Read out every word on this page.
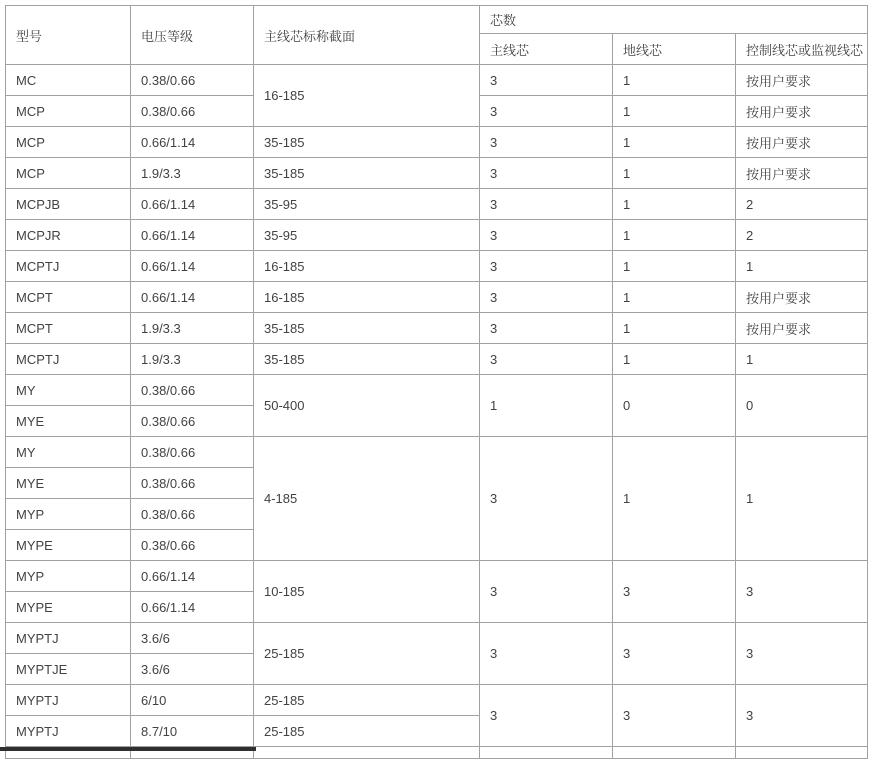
型号	电压等级	主线芯标称截面	芯数		
			主线芯	地线芯	控制线芯或监视线芯
MC	0.38/0.66	16-185	3	1	按用户要求
MCP	0.38/0.66		3	1	按用户要求
MCP	0.66/1.14	35-185	3	1	按用户要求
MCP	1.9/3.3	35-185	3	1	按用户要求
MCPJB	0.66/1.14	35-95	3	1	2
MCPJR	0.66/1.14	35-95	3	1	2
MCPTJ	0.66/1.14	16-185	3	1	1
MCPT	0.66/1.14	16-185	3	1	按用户要求
MCPT	1.9/3.3	35-185	3	1	按用户要求
MCPTJ	1.9/3.3	35-185	3	1	1
MY	0.38/0.66	50-400	1	0	0
MYE	0.38/0.66				
MY	0.38/0.66	4-185	3	1	1
MYE	0.38/0.66				
MYP	0.38/0.66				
MYPE	0.38/0.66				
MYP	0.66/1.14	10-185	3	3	3
MYPE	0.66/1.14				
MYPTJ	3.6/6	25-185	3	3	3
MYPTJE	3.6/6				
MYPTJ	6/10	25-185	3	3	3
MYPTJ	8.7/10	25-185			
